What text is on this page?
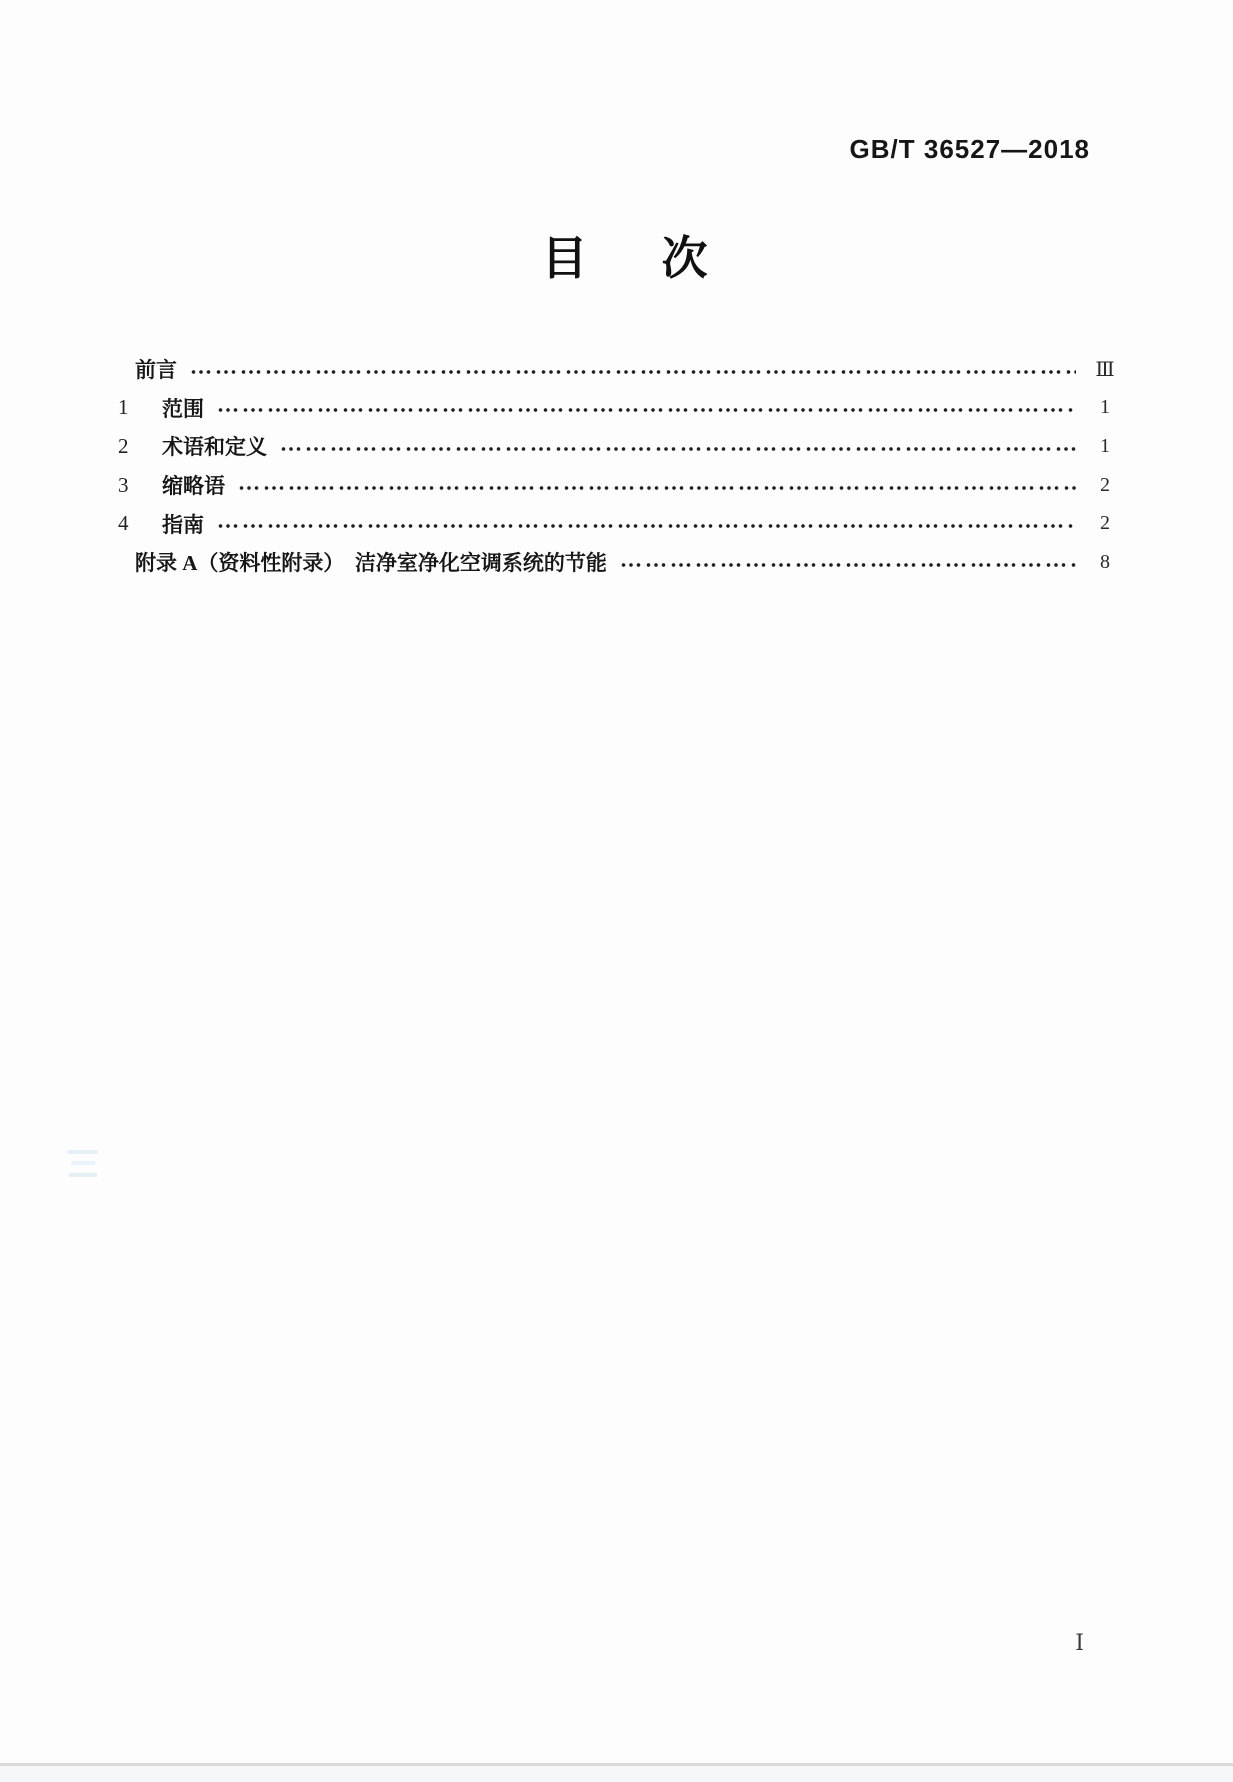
GB/T 36527—2018
目　次
前言	Ⅲ
1	范围	1
2	术语和定义	1
3	缩略语	2
4	指南	2
附录 A（资料性附录）　洁净室净化空调系统的节能	8
Ⅰ
